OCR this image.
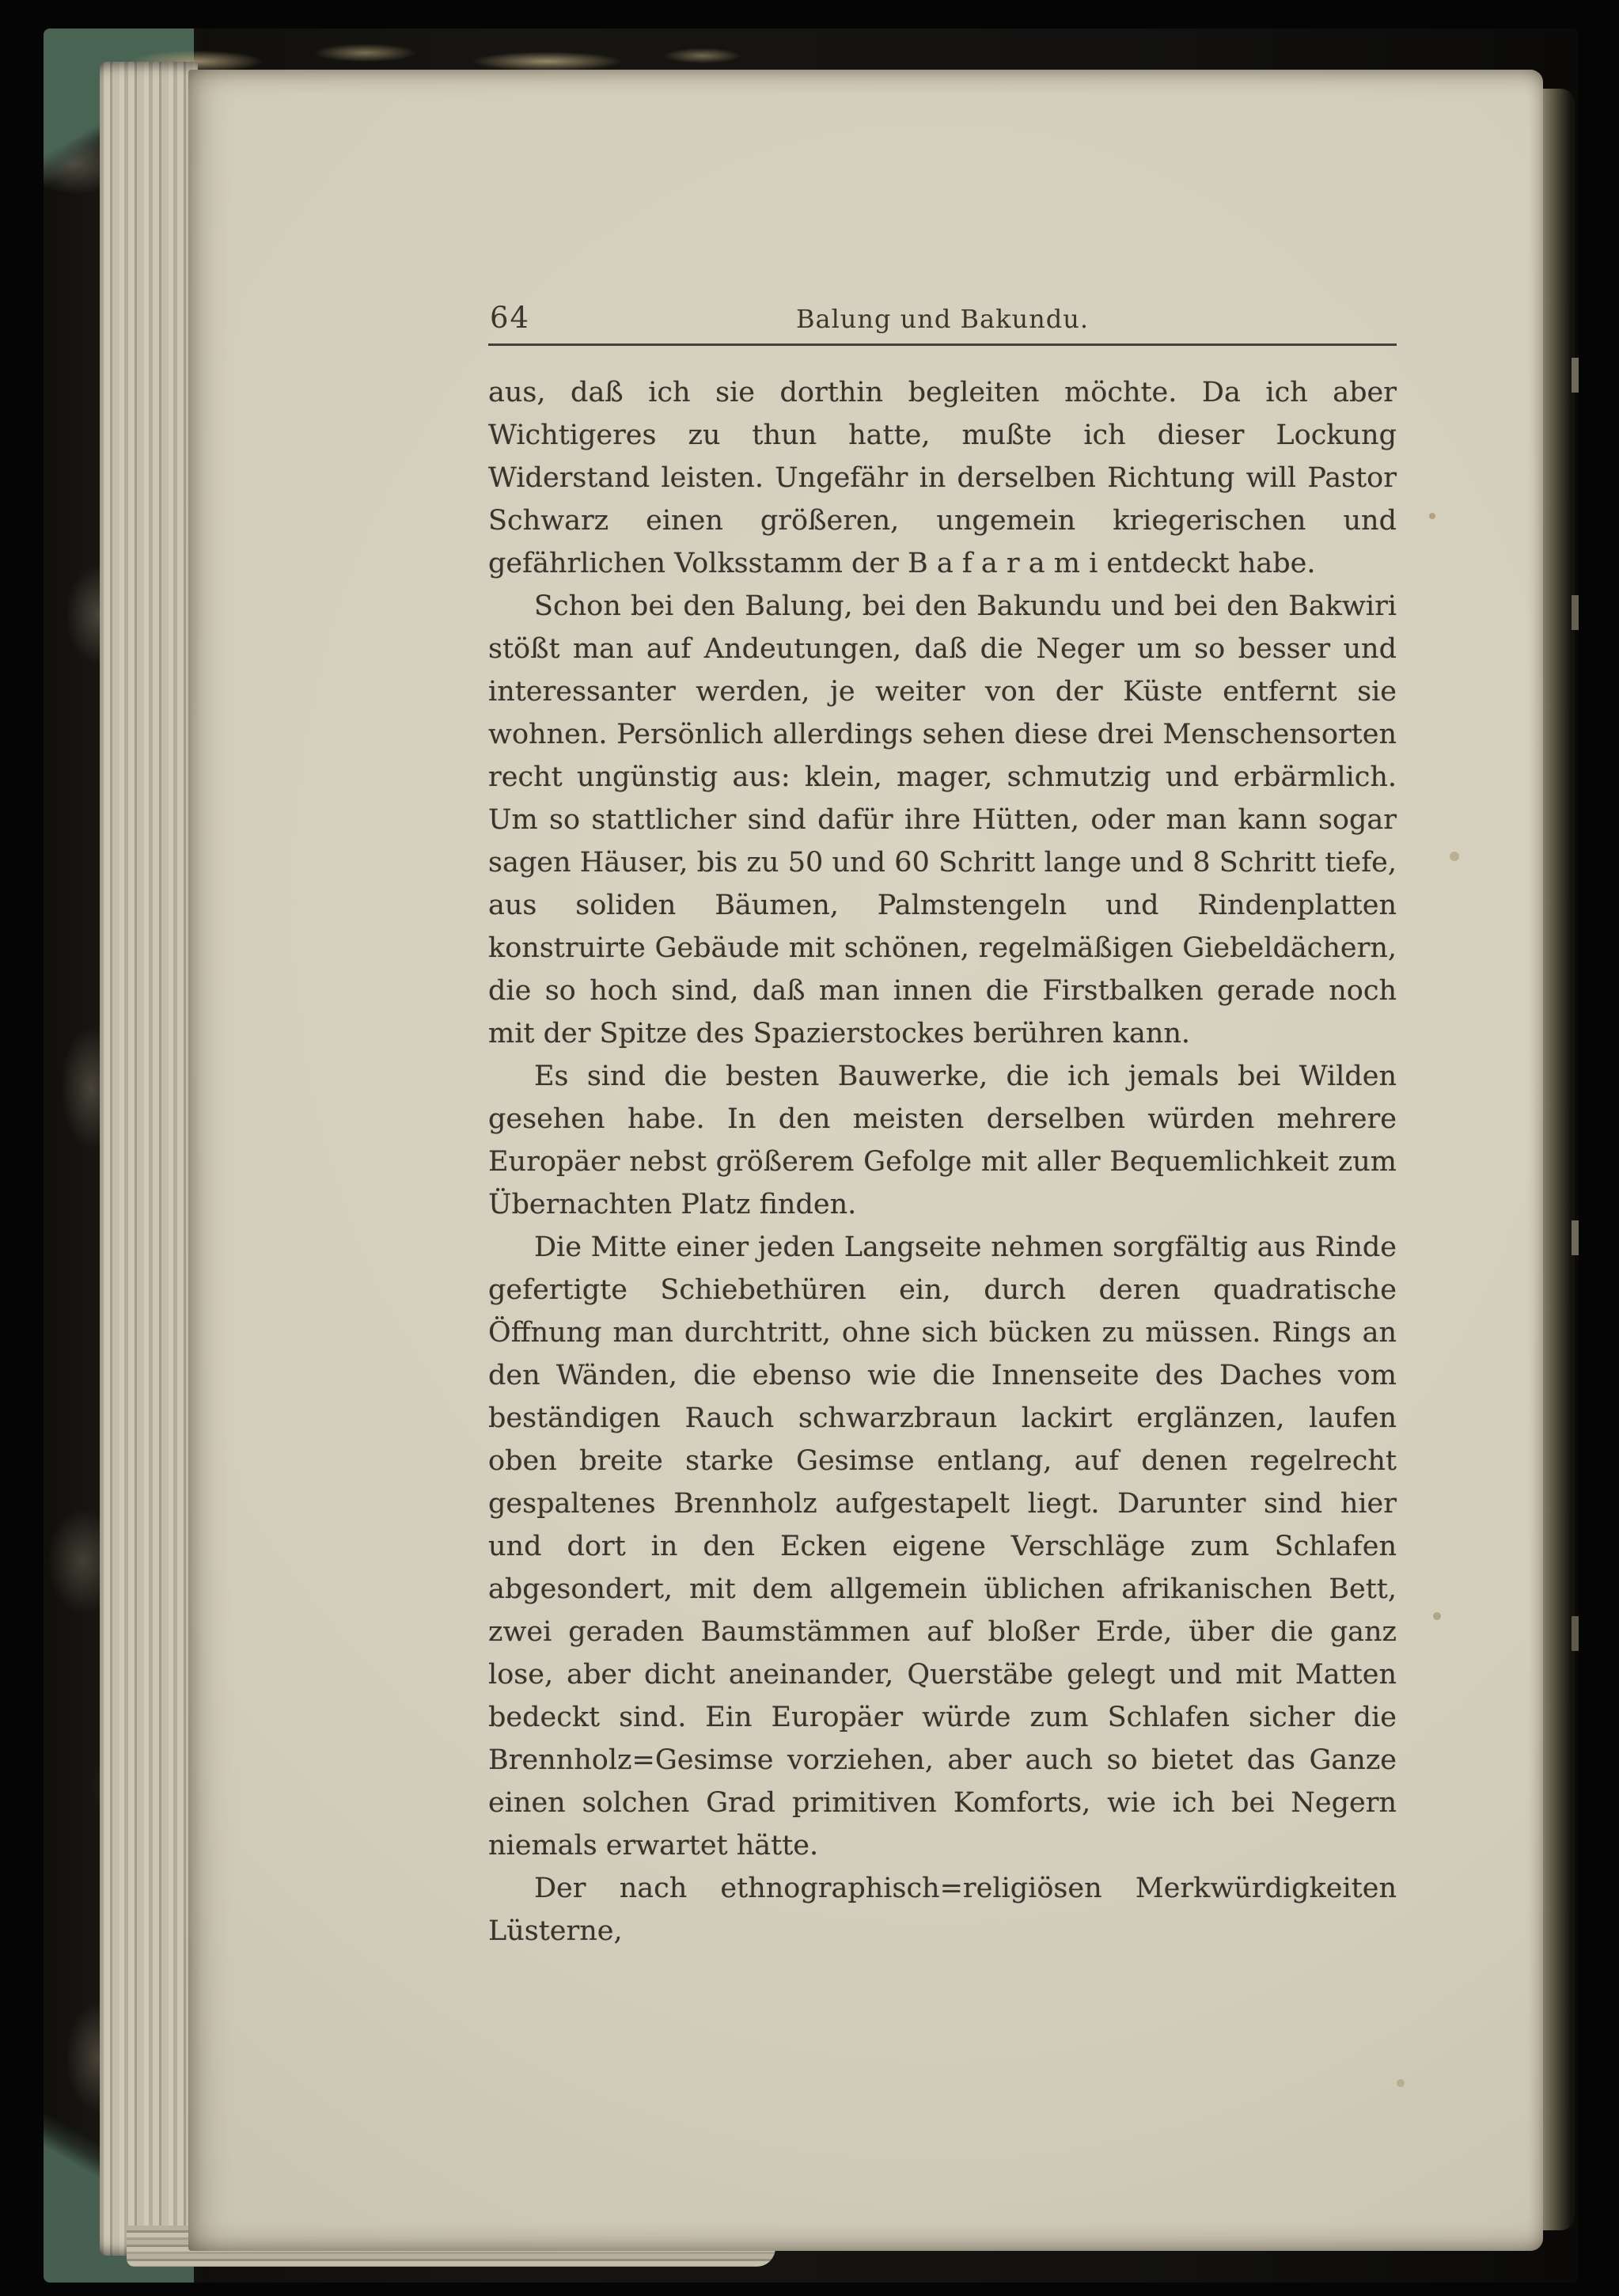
64	Balung und Bakundu.

aus, daß ich sie dorthin begleiten möchte. Da ich aber Wichtigeres zu thun hatte, mußte ich dieser Lockung Widerstand leisten. Ungefähr in derselben Richtung will Pastor Schwarz einen größeren, ungemein kriegerischen und gefährlichen Volksstamm der B a f a r a m i entdeckt habe.

Schon bei den Balung, bei den Bakundu und bei den Bakwiri stößt man auf Andeutungen, daß die Neger um so besser und interessanter werden, je weiter von der Küste entfernt sie wohnen. Persönlich allerdings sehen diese drei Menschensorten recht ungünstig aus: klein, mager, schmutzig und erbärmlich. Um so stattlicher sind dafür ihre Hütten, oder man kann sogar sagen Häuser, bis zu 50 und 60 Schritt lange und 8 Schritt tiefe, aus soliden Bäumen, Palmstengeln und Rindenplatten konstruirte Gebäude mit schönen, regelmäßigen Giebeldächern, die so hoch sind, daß man innen die Firstbalken gerade noch mit der Spitze des Spazierstockes berühren kann.

Es sind die besten Bauwerke, die ich jemals bei Wilden gesehen habe. In den meisten derselben würden mehrere Europäer nebst größerem Gefolge mit aller Bequemlichkeit zum Übernachten Platz finden.

Die Mitte einer jeden Langseite nehmen sorgfältig aus Rinde gefertigte Schiebethüren ein, durch deren quadratische Öffnung man durchtritt, ohne sich bücken zu müssen. Rings an den Wänden, die ebenso wie die Innenseite des Daches vom beständigen Rauch schwarzbraun lackirt erglänzen, laufen oben breite starke Gesimse entlang, auf denen regelrecht gespaltenes Brennholz aufgestapelt liegt. Darunter sind hier und dort in den Ecken eigene Verschläge zum Schlafen abgesondert, mit dem allgemein üblichen afrikanischen Bett, zwei geraden Baumstämmen auf bloßer Erde, über die ganz lose, aber dicht aneinander, Querstäbe gelegt und mit Matten bedeckt sind. Ein Europäer würde zum Schlafen sicher die Brennholz=Gesimse vorziehen, aber auch so bietet das Ganze einen solchen Grad primitiven Komforts, wie ich bei Negern niemals erwartet hätte.

Der nach ethnographisch=religiösen Merkwürdigkeiten Lüsterne,
